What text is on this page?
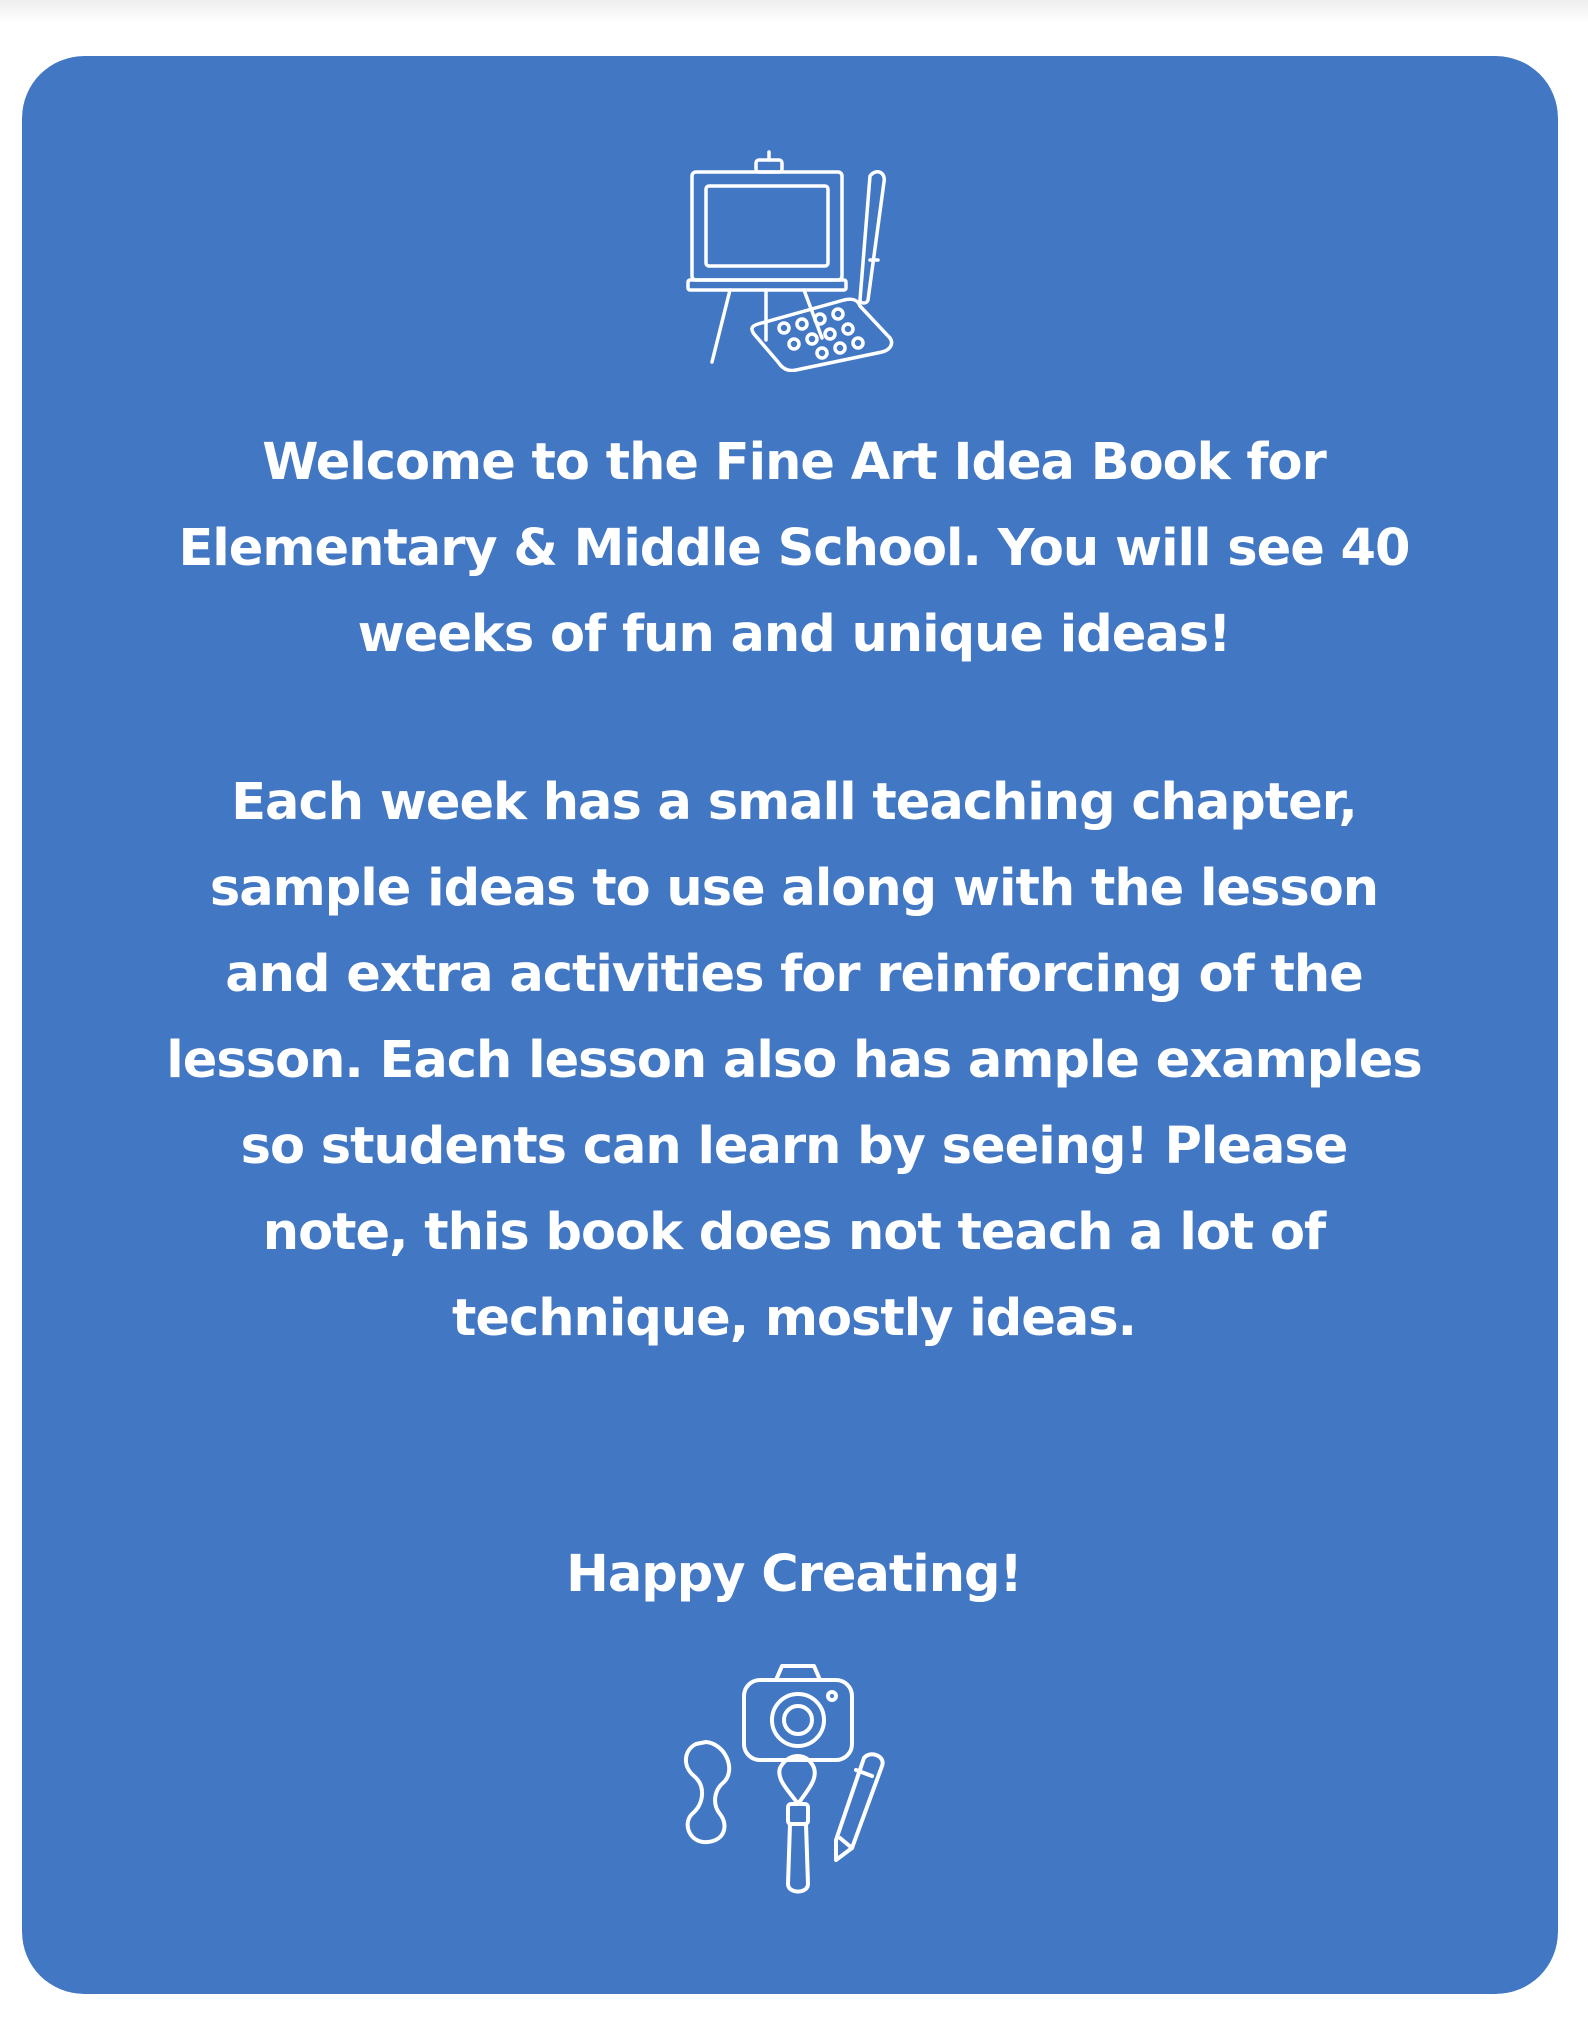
Welcome to the Fine Art Idea Book for Elementary & Middle School. You will see 40 weeks of fun and unique ideas!

Each week has a small teaching chapter, sample ideas to use along with the lesson and extra activities for reinforcing of the lesson. Each lesson also has ample examples so students can learn by seeing! Please note, this book does not teach a lot of technique, mostly ideas.

Happy Creating!
